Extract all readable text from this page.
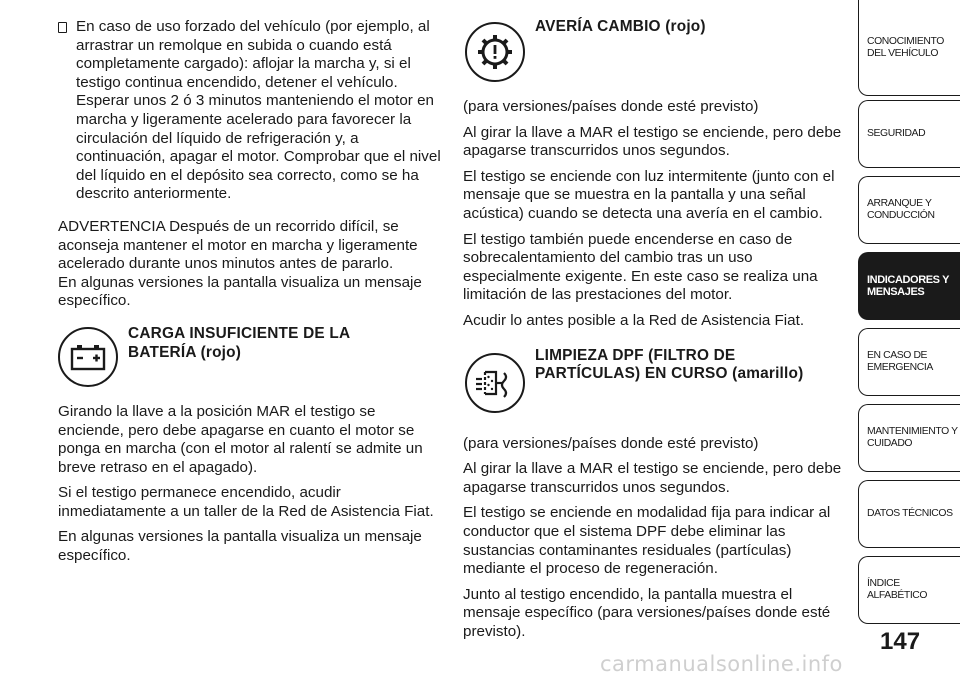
En caso de uso forzado del vehículo (por ejemplo, al arrastrar un remolque en subida o cuando está completamente cargado): aflojar la marcha y, si el testigo continua encendido, detener el vehículo. Esperar unos 2 ó 3 minutos manteniendo el motor en marcha y ligeramente acelerado para favorecer la circulación del líquido de refrigeración y, a continuación, apagar el motor. Comprobar que el nivel del líquido en el depósito sea correcto, como se ha descrito anteriormente.

ADVERTENCIA Después de un recorrido difícil, se aconseja mantener el motor en marcha y ligeramente acelerado durante unos minutos antes de pararlo.

En algunas versiones la pantalla visualiza un mensaje específico.

CARGA INSUFICIENTE DE LA
BATERÍA (rojo)

Girando la llave a la posición MAR el testigo se enciende, pero debe apagarse en cuanto el motor se ponga en marcha (con el motor al ralentí se admite un breve retraso en el apagado).

Si el testigo permanece encendido, acudir inmediatamente a un taller de la Red de Asistencia Fiat.

En algunas versiones la pantalla visualiza un mensaje específico.

AVERÍA CAMBIO (rojo)

(para versiones/países donde esté previsto)

Al girar la llave a MAR el testigo se enciende, pero debe apagarse transcurridos unos segundos.

El testigo se enciende con luz intermitente (junto con el mensaje que se muestra en la pantalla y una señal acústica) cuando se detecta una avería en el cambio.

El testigo también puede encenderse en caso de sobrecalentamiento del cambio tras un uso especialmente exigente. En este caso se realiza una limitación de las prestaciones del motor.

Acudir lo antes posible a la Red de Asistencia Fiat.

LIMPIEZA DPF (FILTRO DE
PARTÍCULAS) EN CURSO (amarillo)

(para versiones/países donde esté previsto)

Al girar la llave a MAR el testigo se enciende, pero debe apagarse transcurridos unos segundos.

El testigo se enciende en modalidad fija para indicar al conductor que el sistema DPF debe eliminar las sustancias contaminantes residuales (partículas) mediante el proceso de regeneración.

Junto al testigo encendido, la pantalla muestra el mensaje específico (para versiones/países donde esté previsto).

CONOCIMIENTO
DEL VEHÍCULO
SEGURIDAD
ARRANQUE Y
CONDUCCIÓN
INDICADORES Y
MENSAJES
EN CASO DE
EMERGENCIA
MANTENIMIENTO Y
CUIDADO
DATOS TÉCNICOS
ÍNDICE ALFABÉTICO
147
carmanualsonline.info
